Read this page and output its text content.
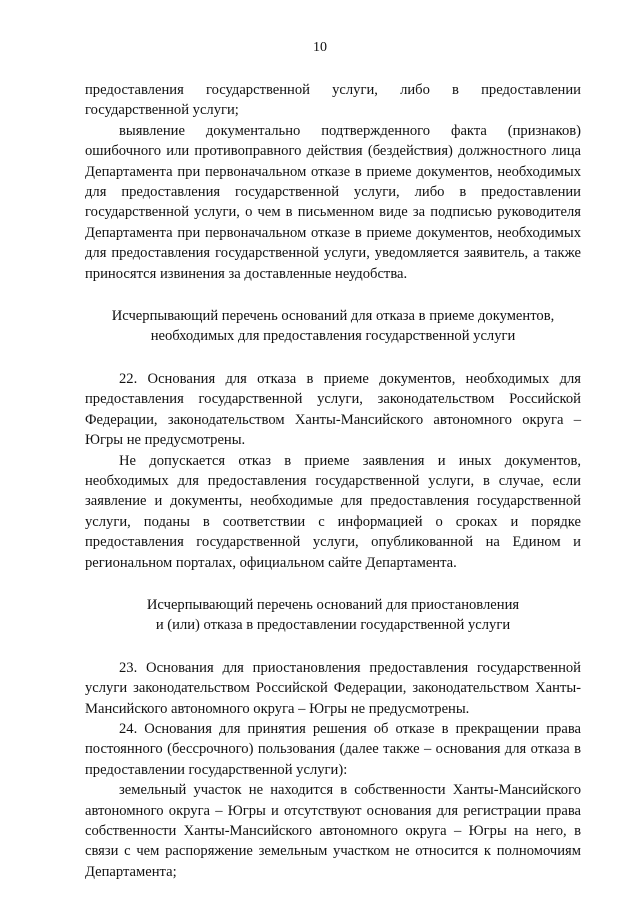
10

предоставления государственной услуги, либо в предоставлении государственной услуги;

выявление документально подтвержденного факта (признаков) ошибочного или противоправного действия (бездействия) должностного лица Департамента при первоначальном отказе в приеме документов, необходимых для предоставления государственной услуги, либо в предоставлении государственной услуги, о чем в письменном виде за подписью руководителя Департамента при первоначальном отказе в приеме документов, необходимых для предоставления государственной услуги, уведомляется заявитель, а также приносятся извинения за доставленные неудобства.

Исчерпывающий перечень оснований для отказа в приеме документов,
необходимых для предоставления государственной услуги

22. Основания для отказа в приеме документов, необходимых для предоставления государственной услуги, законодательством Российской Федерации, законодательством Ханты-Мансийского автономного округа – Югры не предусмотрены.

Не допускается отказ в приеме заявления и иных документов, необходимых для предоставления государственной услуги, в случае, если заявление и документы, необходимые для предоставления государственной услуги, поданы в соответствии с информацией о сроках и порядке предоставления государственной услуги, опубликованной на Едином и региональном порталах, официальном сайте Департамента.

Исчерпывающий перечень оснований для приостановления
и (или) отказа в предоставлении государственной услуги

23. Основания для приостановления предоставления государственной услуги законодательством Российской Федерации, законодательством Ханты-Мансийского автономного округа – Югры не предусмотрены.

24. Основания для принятия решения об отказе в прекращении права постоянного (бессрочного) пользования (далее также – основания для отказа в предоставлении государственной услуги):

земельный участок не находится в собственности Ханты-Мансийского автономного округа – Югры и отсутствуют основания для регистрации права собственности Ханты-Мансийского автономного округа – Югры на него, в связи с чем распоряжение земельным участком не относится к полномочиям Департамента;
